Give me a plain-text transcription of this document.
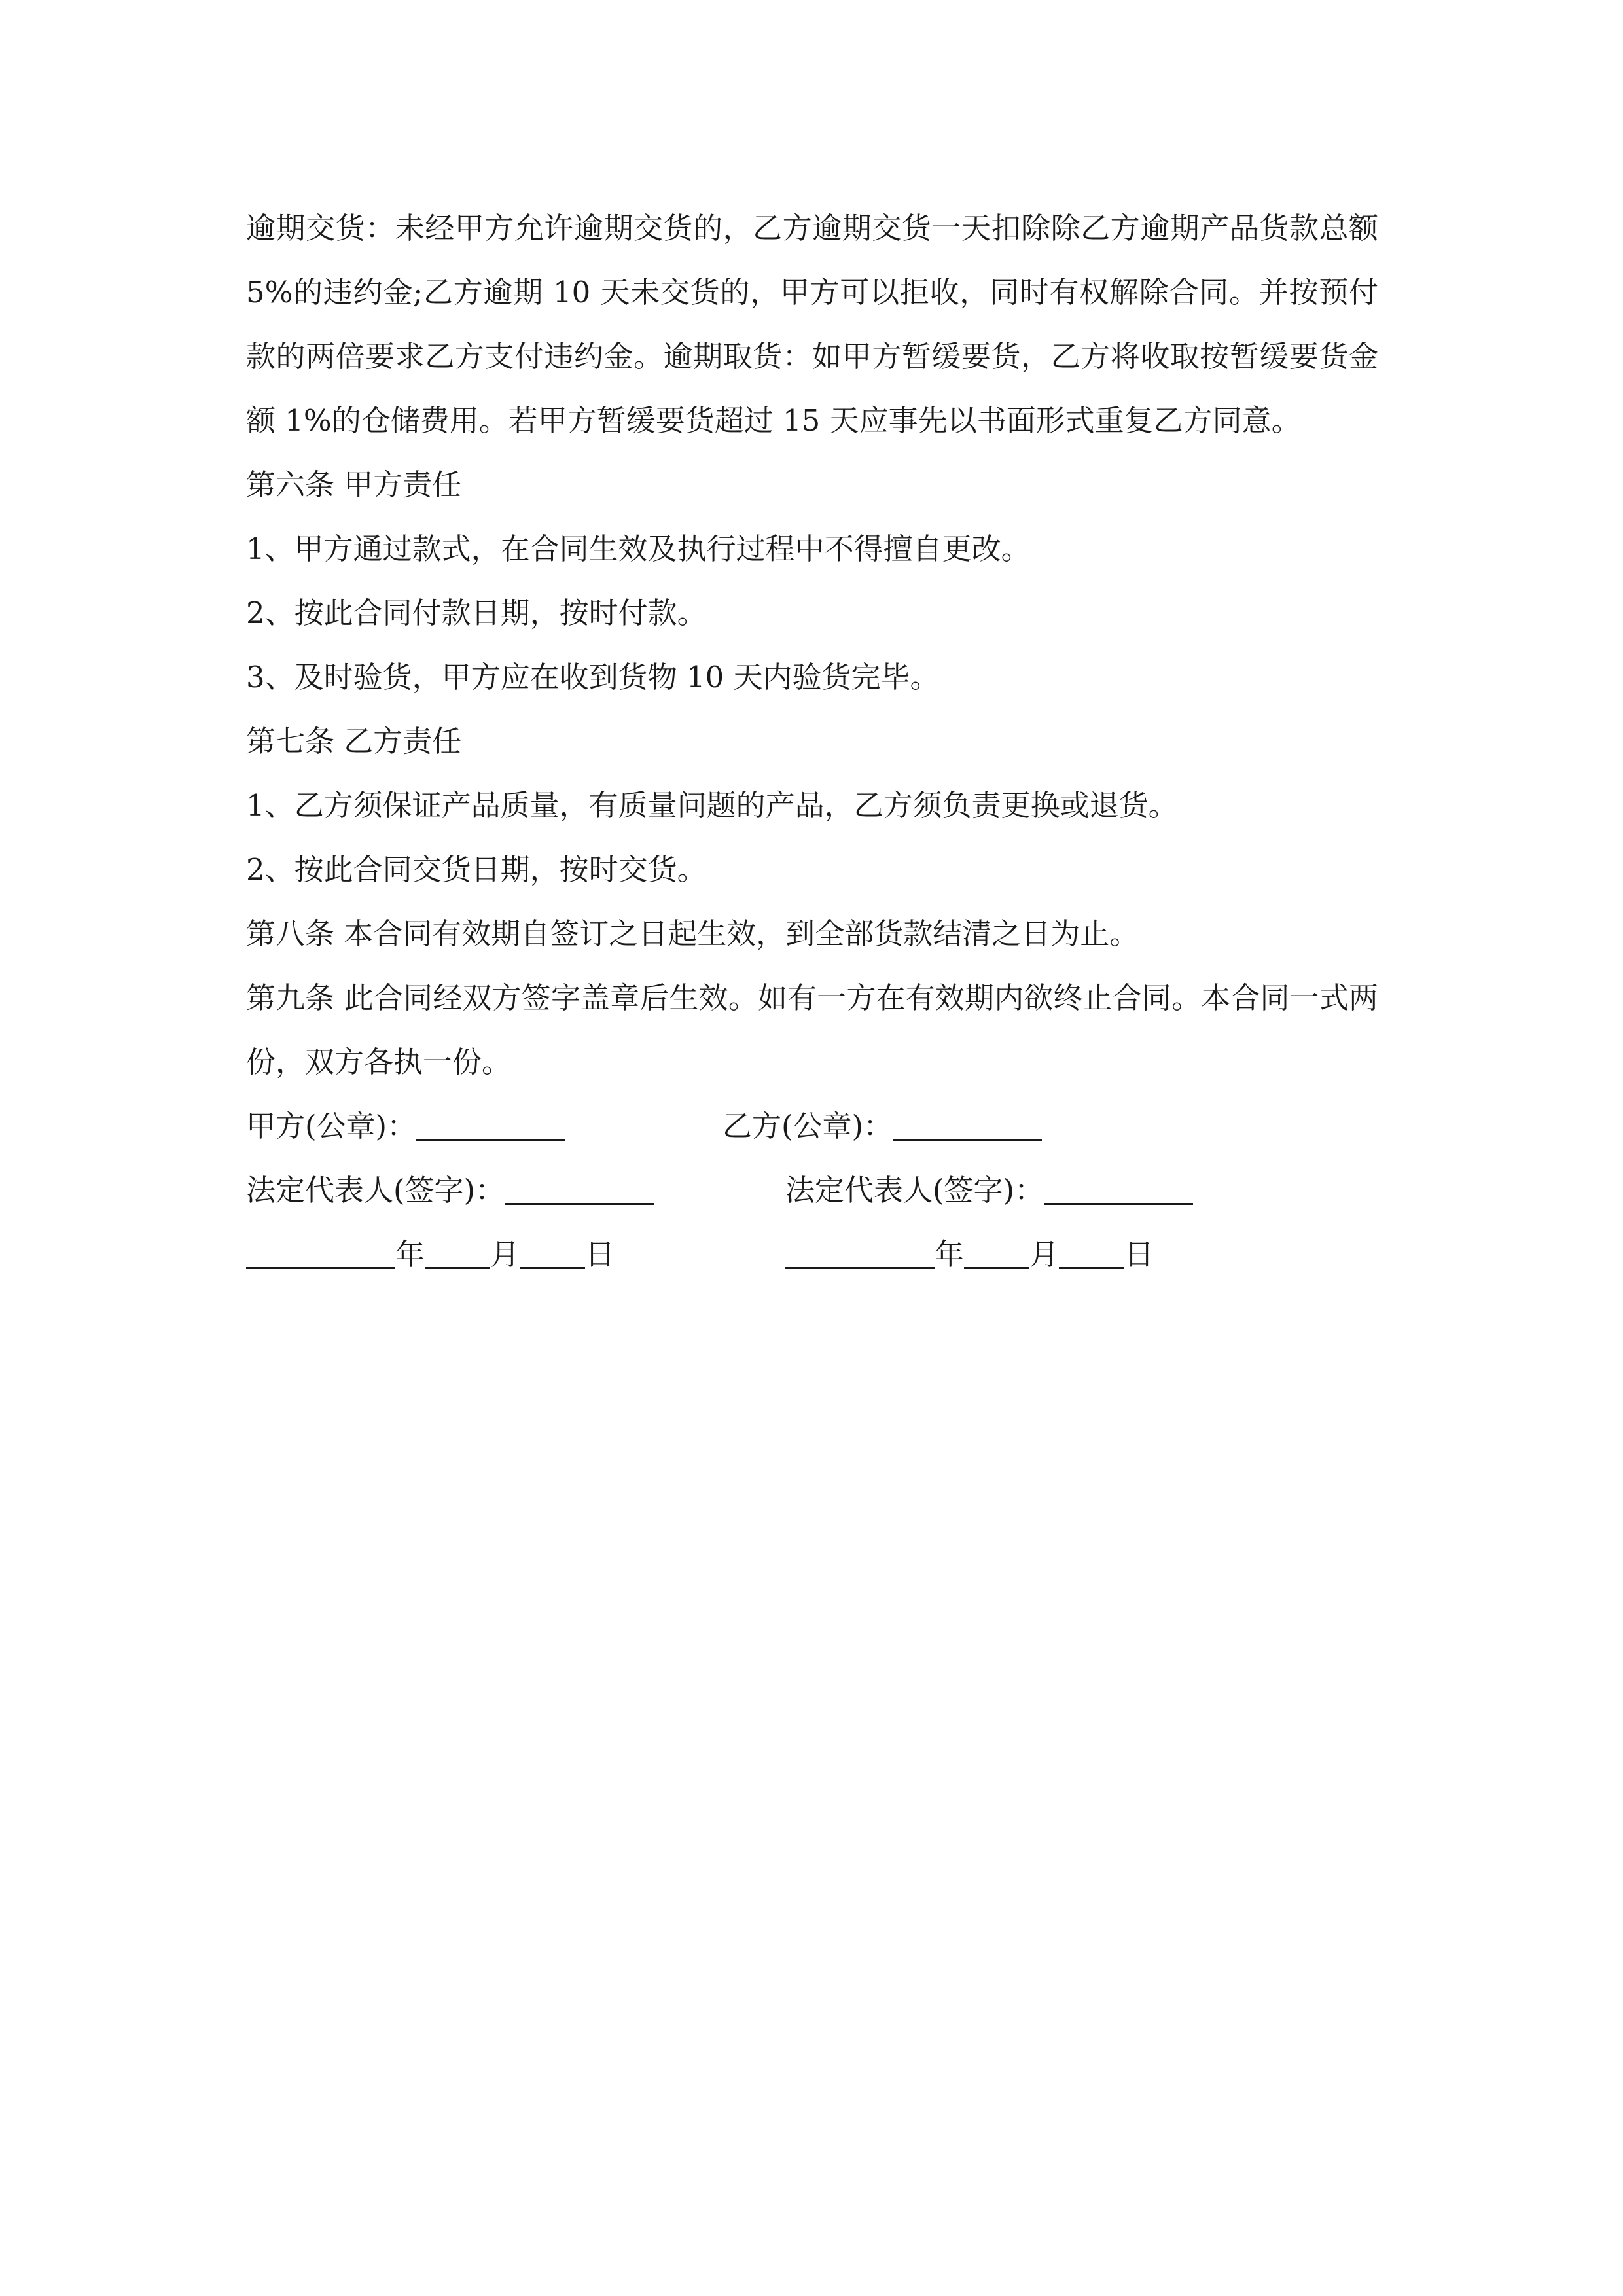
逾期交货：未经甲方允许逾期交货的，乙方逾期交货一天扣除除乙方逾期产品货款总额 5%的违约金;乙方逾期 10 天未交货的，甲方可以拒收，同时有权解除合同。并按预付款的两倍要求乙方支付违约金。逾期取货：如甲方暂缓要货，乙方将收取按暂缓要货金额 1%的仓储费用。若甲方暂缓要货超过 15 天应事先以书面形式重复乙方同意。

第六条 甲方责任

1、甲方通过款式，在合同生效及执行过程中不得擅自更改。

2、按此合同付款日期，按时付款。

3、及时验货，甲方应在收到货物 10 天内验货完毕。

第七条 乙方责任

1、乙方须保证产品质量，有质量问题的产品，乙方须负责更换或退货。

2、按此合同交货日期，按时交货。

第八条 本合同有效期自签订之日起生效，到全部货款结清之日为止。

第九条 此合同经双方签字盖章后生效。如有一方在有效期内欲终止合同。本合同一式两份，双方各执一份。

甲方(公章)：	乙方(公章)：
法定代表人(签字)：	法定代表人(签字)：
年 月 日	年 月 日
